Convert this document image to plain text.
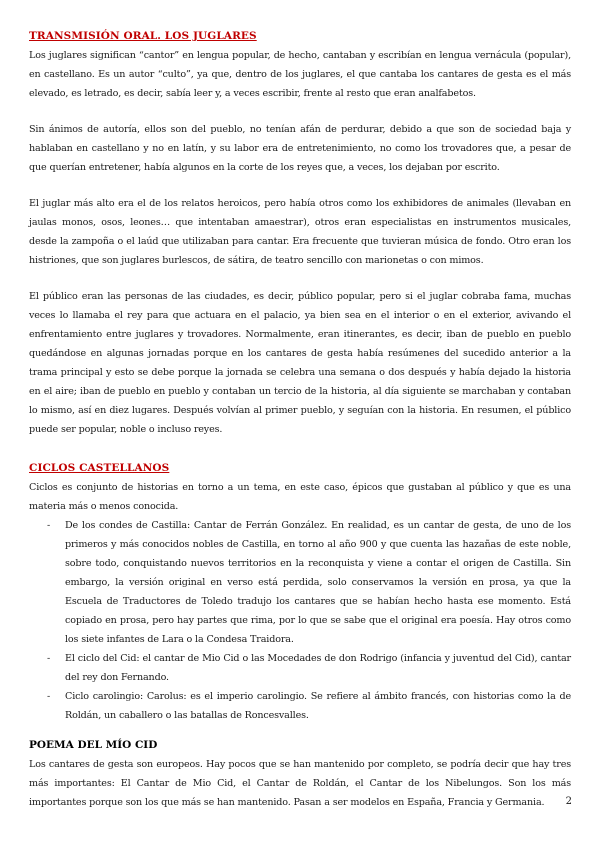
TRANSMISIÓN ORAL. LOS JUGLARES

Los juglares significan “cantor” en lengua popular, de hecho, cantaban y escribían en lengua vernácula (popular), en castellano. Es un autor “culto”, ya que, dentro de los juglares, el que cantaba los cantares de gesta es el más elevado, es letrado, es decir, sabía leer y, a veces escribir, frente al resto que eran analfabetos.

Sin ánimos de autoría, ellos son del pueblo, no tenían afán de perdurar, debido a que son de sociedad baja y hablaban en castellano y no en latín, y su labor era de entretenimiento, no como los trovadores que, a pesar de que querían entretener, había algunos en la corte de los reyes que, a veces, los dejaban por escrito.

El juglar más alto era el de los relatos heroicos, pero había otros como los exhibidores de animales (llevaban en jaulas monos, osos, leones… que intentaban amaestrar), otros eran especialistas en instrumentos musicales, desde la zampoña o el laúd que utilizaban para cantar. Era frecuente que tuvieran música de fondo. Otro eran los histriones, que son juglares burlescos, de sátira, de teatro sencillo con marionetas o con mimos.

El público eran las personas de las ciudades, es decir, público popular, pero si el juglar cobraba fama, muchas veces lo llamaba el rey para que actuara en el palacio, ya bien sea en el interior o en el exterior, avivando el enfrentamiento entre juglares y trovadores. Normalmente, eran itinerantes, es decir, iban de pueblo en pueblo quedándose en algunas jornadas porque en los cantares de gesta había resúmenes del sucedido anterior a la trama principal y esto se debe porque la jornada se celebra una semana o dos después y había dejado la historia en el aire; iban de pueblo en pueblo y contaban un tercio de la historia, al día siguiente se marchaban y contaban lo mismo, así en diez lugares. Después volvían al primer pueblo, y seguían con la historia. En resumen, el público puede ser popular, noble o incluso reyes.

CICLOS CASTELLANOS

Ciclos es conjunto de historias en torno a un tema, en este caso, épicos que gustaban al público y que es una materia más o menos conocida.

- De los condes de Castilla: Cantar de Ferrán González. En realidad, es un cantar de gesta, de uno de los primeros y más conocidos nobles de Castilla, en torno al año 900 y que cuenta las hazañas de este noble, sobre todo, conquistando nuevos territorios en la reconquista y viene a contar el origen de Castilla. Sin embargo, la versión original en verso está perdida, solo conservamos la versión en prosa, ya que la Escuela de Traductores de Toledo tradujo los cantares que se habían hecho hasta ese momento. Está copiado en prosa, pero hay partes que rima, por lo que se sabe que el original era poesía. Hay otros como los siete infantes de Lara o la Condesa Traidora.
- El ciclo del Cid: el cantar de Mio Cid o las Mocedades de don Rodrigo (infancia y juventud del Cid), cantar del rey don Fernando.
- Ciclo carolingio: Carolus: es el imperio carolingio. Se refiere al ámbito francés, con historias como la de Roldán, un caballero o las batallas de Roncesvalles.
POEMA DEL MÍO CID

Los cantares de gesta son europeos. Hay pocos que se han mantenido por completo, se podría decir que hay tres más importantes: El Cantar de Mio Cid, el Cantar de Roldán, el Cantar de los Nibelungos. Son los más importantes porque son los que más se han mantenido. Pasan a ser modelos en España, Francia y Germania.	2
